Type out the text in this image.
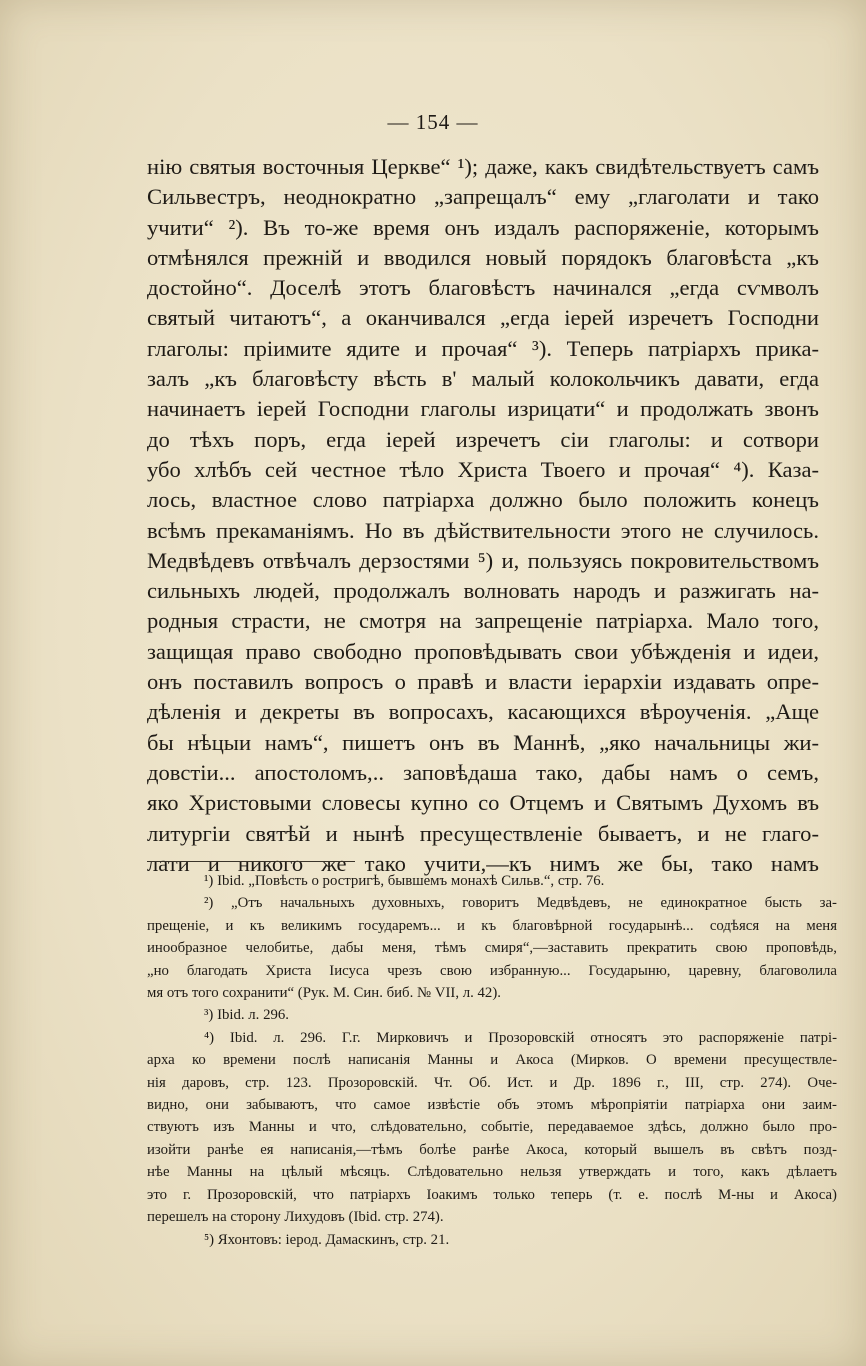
— 154 —
нію святыя восточныя Церкве“ ¹); даже, какъ свидѣтельствуетъ самъ
Сильвестръ, неоднократно „запрещалъ“ ему „глаголати и тако
учити“ ²). Въ то-же время онъ издалъ распоряженіе, которымъ
отмѣнялся прежній и вводился новый порядокъ благовѣста „къ
достойно“. Доселѣ этотъ благовѣстъ начинался „егда сѵмволъ
святый читаютъ“, а оканчивался „егда іерей изречетъ Господни
глаголы: пріимите ядите и прочая“ ³). Теперь патріархъ прика-
залъ „къ благовѣсту вѣсть в' малый колокольчикъ давати, егда
начинаетъ іерей Господни глаголы изрицати“ и продолжать звонъ
до тѣхъ поръ, егда іерей изречетъ сіи глаголы: и сотвори
убо хлѣбъ сей честное тѣло Христа Твоего и прочая“ ⁴). Каза-
лось, властное слово патріарха должно было положить конецъ
всѣмъ прекаманіямъ. Но въ дѣйствительности этого не случилось.
Медвѣдевъ отвѣчалъ дерзостями ⁵) и, пользуясь покровительствомъ
сильныхъ людей, продолжалъ волновать народъ и разжигать на-
родныя страсти, не смотря на запрещеніе патріарха. Мало того,
защищая право свободно проповѣдывать свои убѣжденія и идеи,
онъ поставилъ вопросъ о правѣ и власти іерархіи издавать опре-
дѣленія и декреты въ вопросахъ, касающихся вѣроученія. „Аще
бы нѣцыи намъ“, пишетъ онъ въ Маннѣ, „яко начальницы жи-
довстіи... апостоломъ,.. заповѣдаша тако, дабы намъ о семъ,
яко Христовыми словесы купно со Отцемъ и Святымъ Духомъ въ
литургіи святѣй и нынѣ пресуществленіе бываетъ, и не глаго-
лати и никого же тако учити,—къ нимъ же бы, тако намъ
¹) Ibid. „Повѣсть о ростригѣ, бывшемъ монахѣ Сильв.“, стр. 76.
²) „Отъ начальныхъ духовныхъ, говоритъ Медвѣдевъ, не единократное бысть за-
прещеніе, и къ великимъ государемъ... и къ благовѣрной государынѣ... содѣяся на меня
инообразное челобитье, дабы меня, тѣмъ смиря“,—заставить прекратить свою проповѣдь,
„но благодать Христа Іисуса чрезъ свою избранную... Государыню, царевну, благоволила
мя отъ того сохранити“ (Рук. М. Син. биб. № VII, л. 42).
³) Ibid. л. 296.
⁴) Ibid. л. 296. Г.г. Мирковичъ и Прозоровскій относятъ это распоряженіе патрі-
арха ко времени послѣ написанія Манны и Акоса (Мирков. О времени пресуществле-
нія даровъ, стр. 123. Прозоровскій. Чт. Об. Ист. и Др. 1896 г., III, стр. 274). Оче-
видно, они забываютъ, что самое извѣстіе объ этомъ мѣропріятіи патріарха они заим-
ствуютъ изъ Манны и что, слѣдовательно, событіе, передаваемое здѣсь, должно было про-
изойти ранѣе ея написанія,—тѣмъ болѣе ранѣе Акоса, который вышелъ въ свѣтъ позд-
нѣе Манны на цѣлый мѣсяцъ. Слѣдовательно нельзя утверждать и того, какъ дѣлаетъ
это г. Прозоровскій, что патріархъ Іоакимъ только теперь (т. е. послѣ М-ны и Акоса)
перешелъ на сторону Лихудовъ (Ibid. стр. 274).
⁵) Яхонтовъ: іерод. Дамаскинъ, стр. 21.
